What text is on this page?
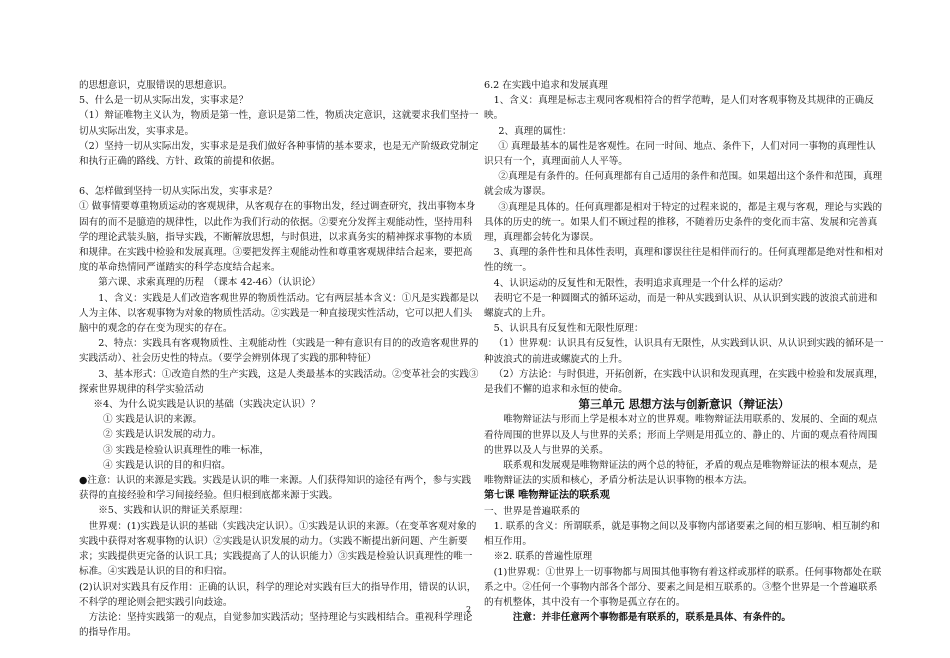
的思想意识，克服错误的思想意识。

5、什么是一切从实际出发，实事求是？

（1）辩证唯物主义认为，物质是第一性，意识是第二性，物质决定意识，这就要求我们坚持一切从实际出发，实事求是。

（2）坚持一切从实际出发，实事求是是我们做好各种事情的基本要求，也是无产阶级政党制定和执行正确的路线、方针、政策的前提和依据。

6、怎样做到坚持一切从实际出发，实事求是？

① 做事情要尊重物质运动的客观规律，从客观存在的事物出发，经过调查研究，找出事物本身固有的而不是臆造的规律性，以此作为我们行动的依据。②要充分发挥主观能动性，坚持用科学的理论武装头脑，指导实践，不断解放思想，与时俱进，以求真务实的精神探求事物的本质和规律。在实践中检验和发展真理。③要把发挥主观能动性和尊重客观规律结合起来，要把高度的革命热情同严谨踏实的科学态度结合起来。

第六课、求索真理的历程　（课本 42-46）（认识论）

1、含义：实践是人们改造客观世界的物质性活动。它有两层基本含义：①凡是实践都是以人为主体、以客观事物为对象的物质性活动。②实践是一种直接现实性活动，它可以把人们头脑中的观念的存在变为现实的存在。

2、特点：实践具有客观物质性、主观能动性（实践是一种有意识有目的的改造客观世界的实践活动）、社会历史性的特点。（要学会辨别体现了实践的那种特征）

3、基本形式：①改造自然的生产实践，这是人类最基本的实践活动。②变革社会的实践③探索世界规律的科学实验活动

※4、为什么说实践是认识的基础（实践决定认识）？

① 实践是认识的来源。

② 实践是认识发展的动力。

③ 实践是检验认识真理性的唯一标准，

④ 实践是认识的目的和归宿。

●注意：认识的来源是实践。实践是认识的唯一来源。人们获得知识的途径有两个，参与实践获得的直接经验和学习间接经验。但归根到底都来源于实践。

※5、实践和认识的辩证关系原理：

世界观：(1)实践是认识的基础（实践决定认识）。①实践是认识的来源。（在变革客观对象的实践中获得对客观事物的认识）②实践是认识发展的动力。（实践不断提出新问题、产生新要求；实践提供更完备的认识工具；实践提高了人的认识能力）③实践是检验认识真理性的唯一标准。④实践是认识的目的和归宿。

(2)认识对实践具有反作用：正确的认识，科学的理论对实践有巨大的指导作用，错误的认识，不科学的理论则会把实践引向歧途。

方法论：坚持实践第一的观点，自觉参加实践活动；坚持理论与实践相结合。重视科学理论的指导作用。

6.2 在实践中追求和发展真理

1、含义：真理是标志主观同客观相符合的哲学范畴，是人们对客观事物及其规律的正确反映。

2、真理的属性：

① 真理最基本的属性是客观性。在同一时间、地点、条件下，人们对同一事物的真理性认识只有一个，真理面前人人平等。

②真理是有条件的。任何真理都有自己适用的条件和范围。如果超出这个条件和范围，真理就会成为谬误。

③真理是具体的。任何真理都是相对于特定的过程来说的，都是主观与客观，理论与实践的具体的历史的统一。如果人们不顾过程的推移，不随着历史条件的变化而丰富、发展和完善真理，真理都会转化为谬误。

3、真理的条件性和具体性表明，真理和谬误往往是相伴而行的。任何真理都是绝对性和相对性的统一。

4、认识运动的反复性和无限性，表明追求真理是一个什么样的运动？

表明它不是一种圆圈式的循环运动，而是一种从实践到认识、从认识到实践的波浪式前进和螺旋式的上升。

5、认识具有反复性和无限性原理：

（1）世界观：认识具有反复性，认识具有无限性，从实践到认识、从认识到实践的循环是一种波浪式的前进或螺旋式的上升。

（2）方法论：与时俱进，开拓创新，在实践中认识和发现真理，在实践中检验和发展真理，是我们不懈的追求和永恒的使命。

第三单元 思想方法与创新意识（辩证法）

唯物辩证法与形而上学是根本对立的世界观。唯物辩证法用联系的、发展的、全面的观点看待周围的世界以及人与世界的关系；形而上学则是用孤立的、静止的、片面的观点看待周围的世界以及人与世界的关系。

联系观和发展观是唯物辩证法的两个总的特征，矛盾的观点是唯物辩证法的根本观点，是唯物辩证法的实质和核心，矛盾分析法是认识事物的根本方法。

第七课 唯物辩证法的联系观

一、世界是普遍联系的

1. 联系的含义：所谓联系，就是事物之间以及事物内部诸要素之间的相互影响、相互制约和相互作用。

※2. 联系的普遍性原理

(1)世界观：①世界上一切事物都与周围其他事物有着这样或那样的联系。任何事物都处在联系之中。②任何一个事物内部各个部分、要素之间是相互联系的。③整个世界是一个普遍联系的有机整体，其中没有一个事物是孤立存在的。

注意：并非任意两个事物都是有联系的，联系是具体、有条件的。

2
